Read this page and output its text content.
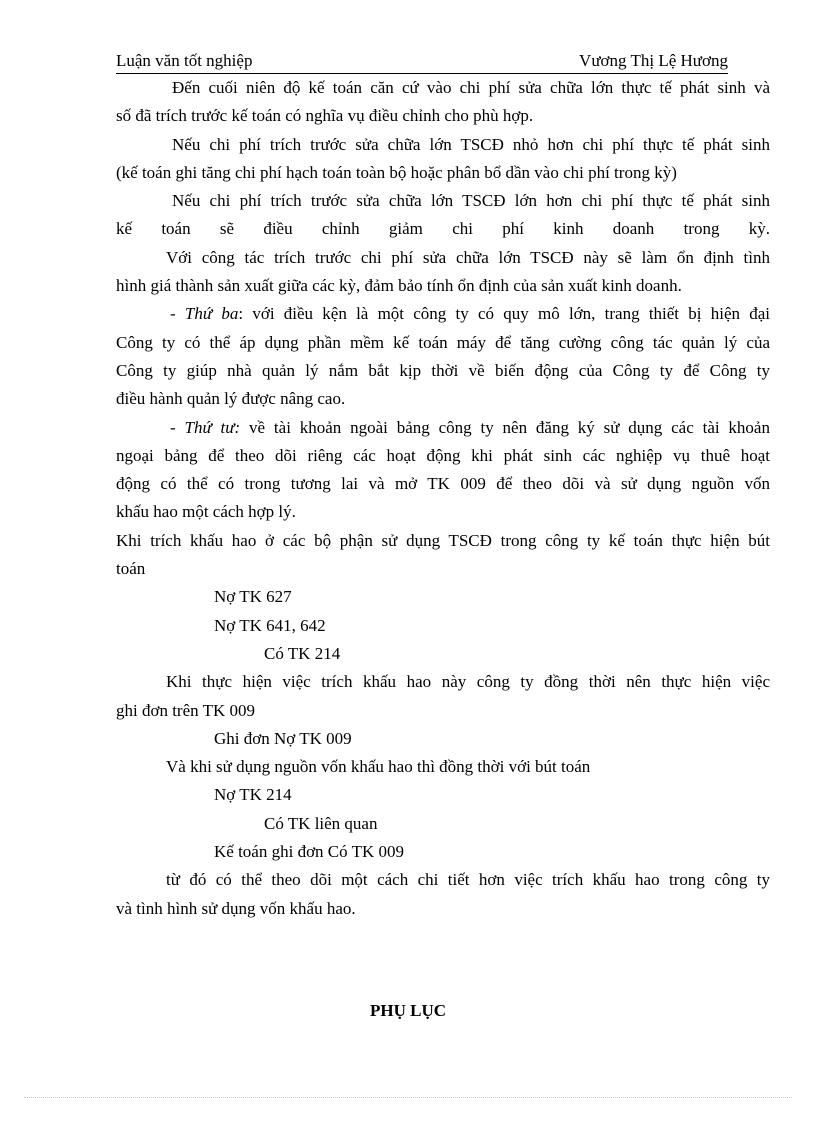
Luận văn tốt nghiệp	Vương Thị Lệ Hương
Đến cuối niên độ kế toán căn cứ vào chi phí sửa chữa lớn thực tế phát sinh và
số đã trích trước kế toán có nghĩa vụ điều chỉnh cho phù hợp.
Nếu chi phí trích trước sửa chữa lớn TSCĐ nhỏ hơn chi phí thực tế phát sinh
(kế toán ghi tăng chi phí hạch toán toàn bộ hoặc phân bổ dần vào chi phí trong kỳ)
Nếu chi phí trích trước sửa chữa lớn TSCĐ lớn hơn chi phí thực tế phát sinh
kế toán sẽ điều chỉnh giảm chi phí kinh doanh trong kỳ.
Với công tác trích trước chi phí sửa chữa lớn TSCĐ này sẽ làm ổn định tình
hình giá thành sản xuất giữa các kỳ, đảm bảo tính ổn định của sản xuất kinh doanh.
- Thứ ba: với điều kện là một công ty có quy mô lớn, trang thiết bị hiện đại
Công ty có thể áp dụng phần mềm kế toán máy để tăng cường công tác quản lý của
Công ty giúp nhà quản lý nắm bắt kịp thời về biến động của Công ty để Công ty
điều hành quản lý được nâng cao.
- Thứ tư: về tài khoản ngoài bảng công ty nên đăng ký sử dụng các tài khoản
ngoại bảng để theo dõi riêng các hoạt động khi phát sinh các nghiệp vụ thuê hoạt
động có thể có trong tương lai và mở TK 009 để theo dõi và sử dụng nguồn vốn
khấu hao một cách hợp lý.
Khi trích khấu hao ở các bộ phận sử dụng TSCĐ trong công ty kế toán thực hiện bút
toán
Nợ TK 627
Nợ TK 641, 642
Có TK 214
Khi thực hiện việc trích khấu hao này công ty đồng thời nên thực hiện việc
ghi đơn trên TK 009
Ghi đơn Nợ TK 009
Và khi sử dụng nguồn vốn khấu hao thì đồng thời với bút toán
Nợ TK 214
Có TK liên quan
Kế toán ghi đơn Có TK 009
từ đó có thể theo dõi một cách chi tiết hơn việc trích khấu hao trong công ty
và tình hình sử dụng vốn khấu hao.
PHỤ LỤC
